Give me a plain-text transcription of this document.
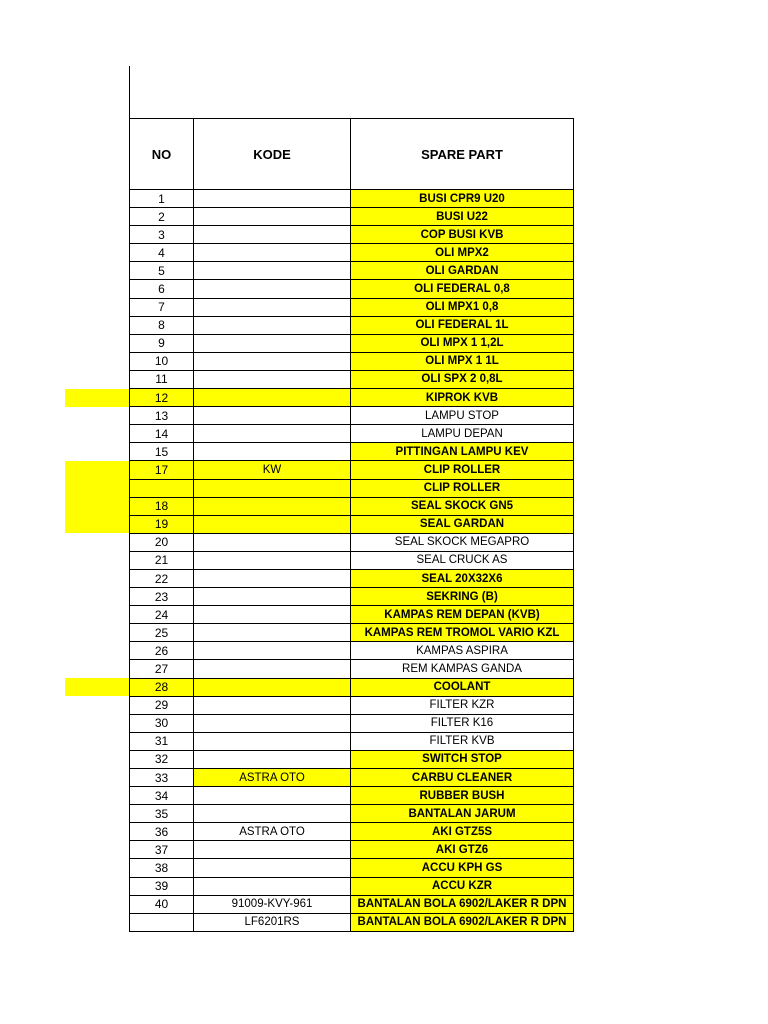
NO	KODE	SPARE PART
1		BUSI CPR9 U20
2		BUSI U22
3		COP BUSI KVB
4		OLI MPX2
5		OLI GARDAN
6		OLI FEDERAL 0,8
7		OLI MPX1 0,8
8		OLI FEDERAL 1L
9		OLI MPX 1 1,2L
10		OLI MPX 1 1L
11		OLI SPX 2 0,8L
12		KIPROK KVB
13		LAMPU STOP
14		LAMPU DEPAN
15		PITTINGAN LAMPU KEV
17	KW	CLIP ROLLER
		CLIP ROLLER
18		SEAL SKOCK GN5
19		SEAL GARDAN
20		SEAL SKOCK MEGAPRO
21		SEAL CRUCK AS
22		SEAL 20X32X6
23		SEKRING (B)
24		KAMPAS REM DEPAN (KVB)
25		KAMPAS REM TROMOL VARIO KZL
26		KAMPAS ASPIRA
27		REM KAMPAS GANDA
28		COOLANT
29		FILTER KZR
30		FILTER K16
31		FILTER KVB
32		SWITCH STOP
33	ASTRA OTO	CARBU CLEANER
34		RUBBER BUSH
35		BANTALAN JARUM
36	ASTRA OTO	AKI GTZ5S
37		AKI GTZ6
38		ACCU KPH GS
39		ACCU KZR
40	91009-KVY-961	BANTALAN BOLA 6902/LAKER R DPN
	LF6201RS	BANTALAN BOLA 6902/LAKER R DPN
